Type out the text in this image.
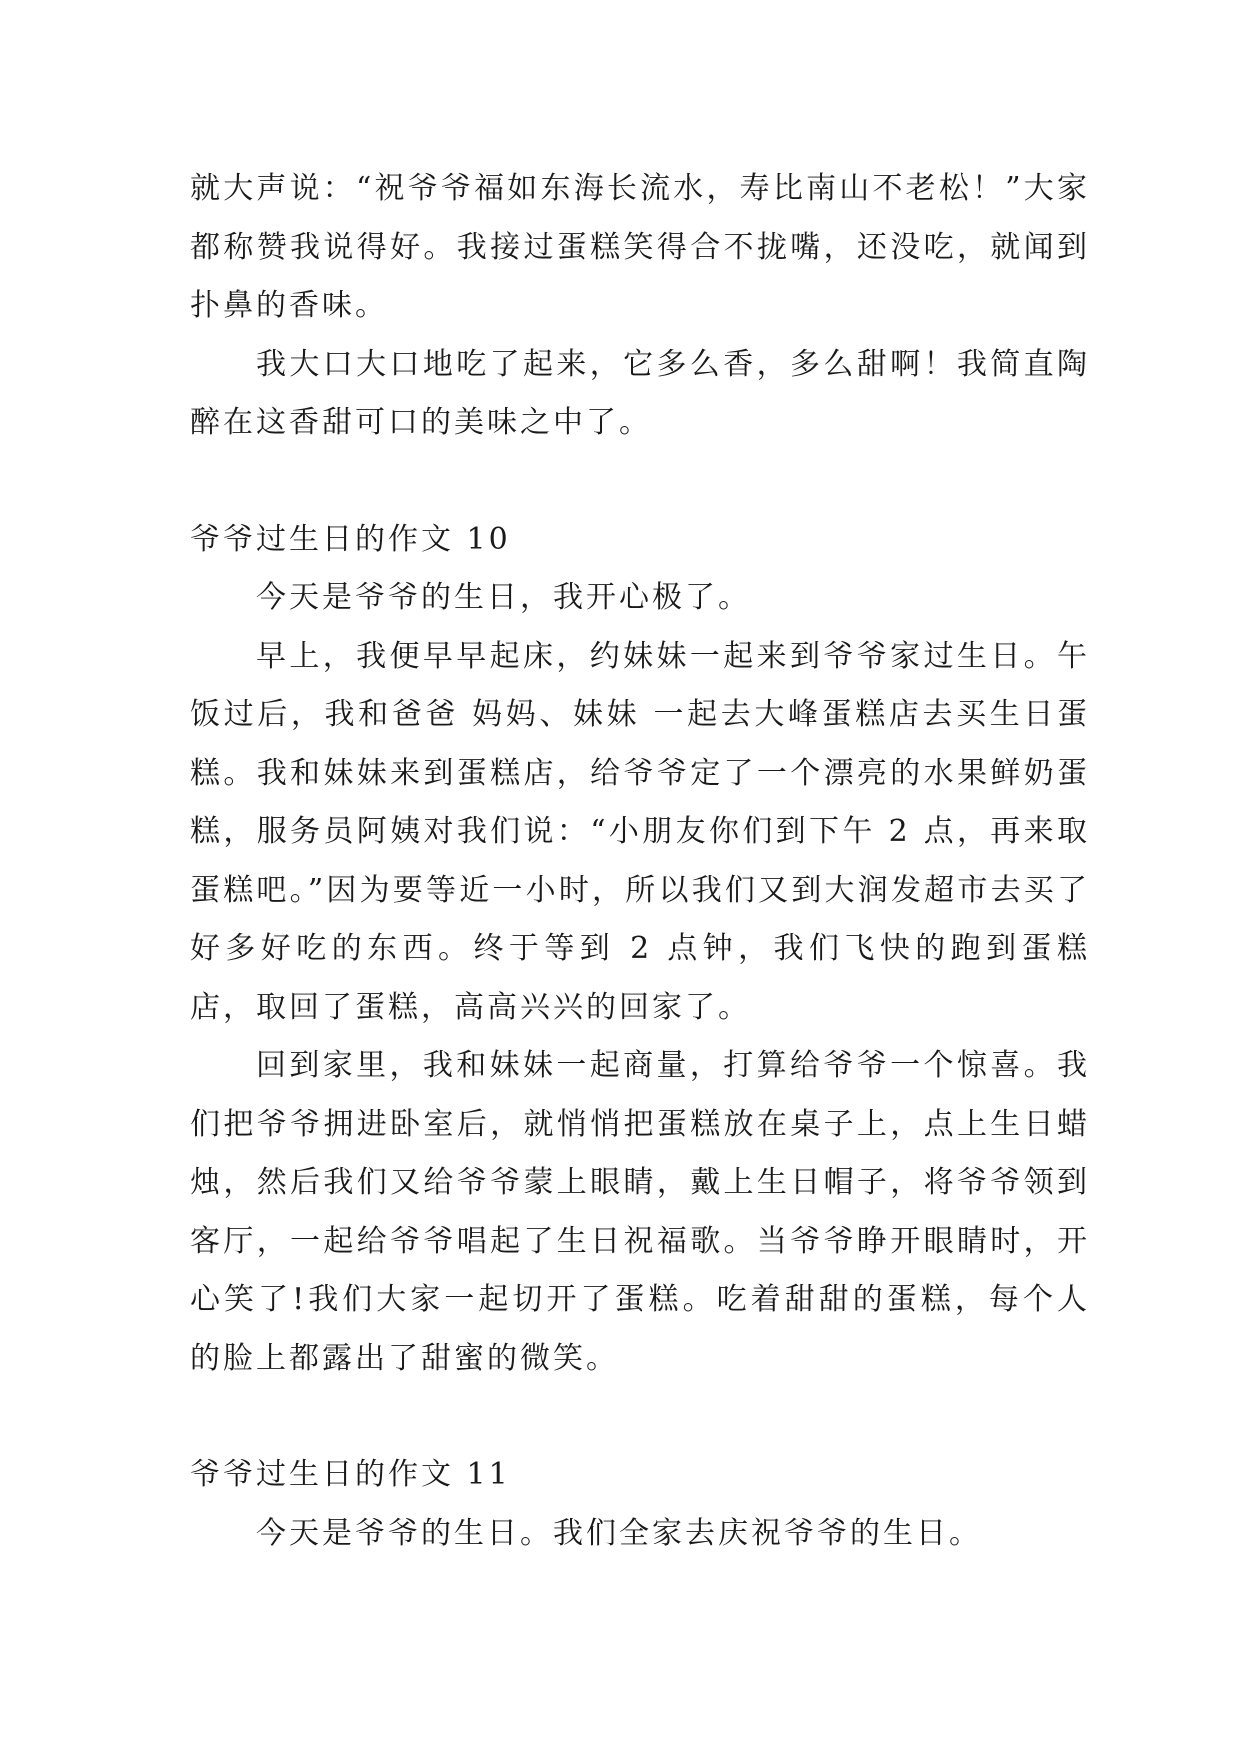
就大声说：“祝爷爷福如东海长流水，寿比南山不老松！”大家都称赞我说得好。我接过蛋糕笑得合不拢嘴，还没吃，就闻到扑鼻的香味。

我大口大口地吃了起来，它多么香，多么甜啊！我简直陶醉在这香甜可口的美味之中了。

爷爷过生日的作文 10

今天是爷爷的生日，我开心极了。

早上，我便早早起床，约妹妹一起来到爷爷家过生日。午饭过后，我和爸爸 妈妈、妹妹 一起去大峰蛋糕店去买生日蛋糕。我和妹妹来到蛋糕店，给爷爷定了一个漂亮的水果鲜奶蛋糕，服务员阿姨对我们说：“小朋友你们到下午 2 点，再来取蛋糕吧。”因为要等近一小时，所以我们又到大润发超市去买了好多好吃的东西。终于等到 2 点钟，我们飞快的跑到蛋糕店，取回了蛋糕，高高兴兴的回家了。

回到家里，我和妹妹一起商量，打算给爷爷一个惊喜。我们把爷爷拥进卧室后，就悄悄把蛋糕放在桌子上，点上生日蜡烛，然后我们又给爷爷蒙上眼睛，戴上生日帽子，将爷爷领到客厅，一起给爷爷唱起了生日祝福歌。当爷爷睁开眼睛时，开心笑了!我们大家一起切开了蛋糕。吃着甜甜的蛋糕，每个人的脸上都露出了甜蜜的微笑。

爷爷过生日的作文 11

今天是爷爷的生日。我们全家去庆祝爷爷的生日。
